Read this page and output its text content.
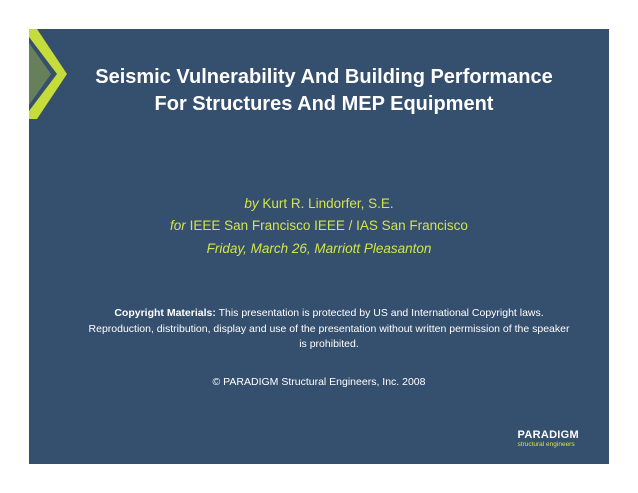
Seismic Vulnerability And Building Performance For Structures And MEP Equipment
by Kurt R. Lindorfer, S.E.
for IEEE San Francisco IEEE / IAS San Francisco
Friday, March 26, Marriott Pleasanton
Copyright Materials: This presentation is protected by US and International Copyright laws. Reproduction, distribution, display and use of the presentation without written permission of the speaker is prohibited.
© PARADIGM Structural Engineers, Inc. 2008
PARADIGM
structural engineers
